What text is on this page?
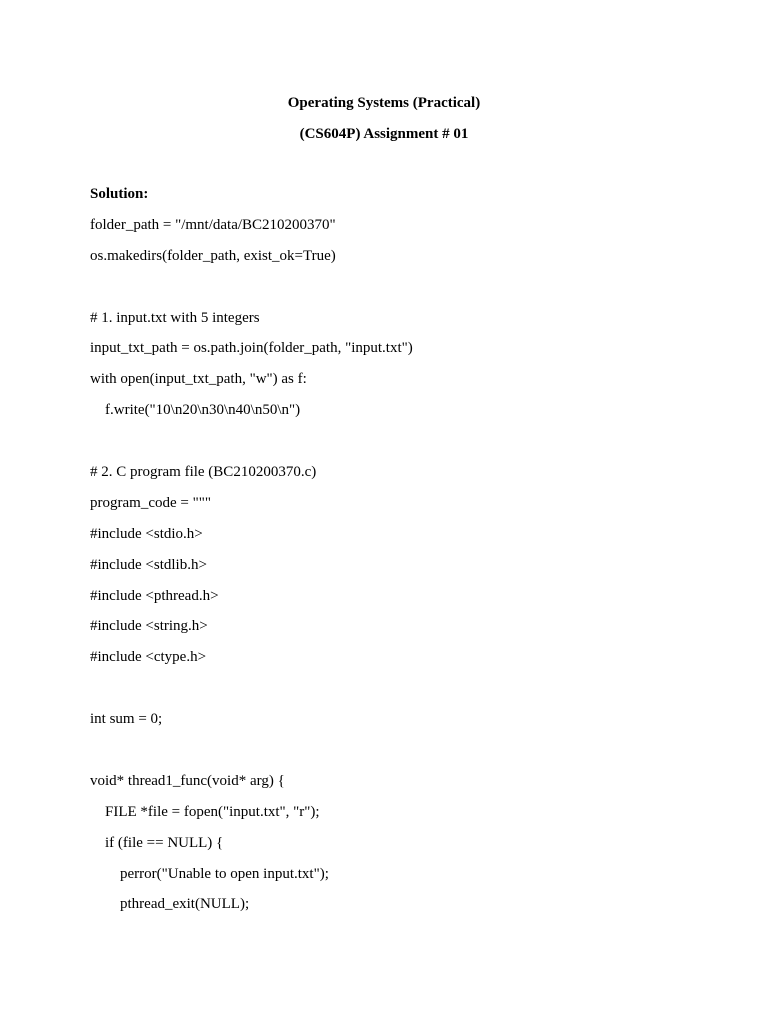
Operating Systems (Practical)
(CS604P) Assignment # 01
Solution:
folder_path = "/mnt/data/BC210200370"
os.makedirs(folder_path, exist_ok=True)
# 1. input.txt with 5 integers
input_txt_path = os.path.join(folder_path, "input.txt")
with open(input_txt_path, "w") as f:
f.write("10\n20\n30\n40\n50\n")
# 2. C program file (BC210200370.c)
program_code = """
#include <stdio.h>
#include <stdlib.h>
#include <pthread.h>
#include <string.h>
#include <ctype.h>
int sum = 0;
void* thread1_func(void* arg) {
FILE *file = fopen("input.txt", "r");
if (file == NULL) {
perror("Unable to open input.txt");
pthread_exit(NULL);
